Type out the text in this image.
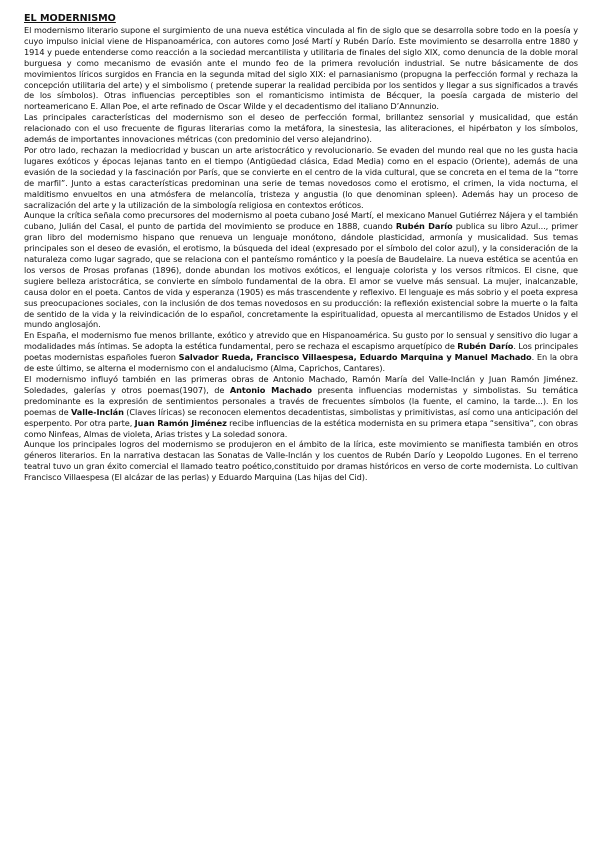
EL MODERNISMO

El modernismo literario supone el surgimiento de una nueva estética vinculada al fin de siglo que se desarrolla sobre todo en la poesía y cuyo impulso inicial viene de Hispanoamérica, con autores como José Martí y Rubén Darío. Este movimiento se desarrolla entre 1880 y 1914 y puede entenderse como reacción a la sociedad mercantilista y utilitaria de finales del siglo XIX, como denuncia de la doble moral burguesa y como mecanismo de evasión ante el mundo feo de la primera revolución industrial. Se nutre básicamente de dos movimientos líricos surgidos en Francia en la segunda mitad del siglo XIX: el parnasianismo (propugna la perfección formal y rechaza la concepción utilitaria del arte) y el simbolismo ( pretende superar la realidad percibida por los sentidos y llegar a sus significados a través de los símbolos). Otras influencias perceptibles son el romanticismo intimista de Bécquer, la poesía cargada de misterio del norteamericano E. Allan Poe, el arte refinado de Oscar Wilde y el decadentismo del italiano D’Annunzio.

Las principales características del modernismo son el deseo de perfección formal, brillantez sensorial y musicalidad, que están relacionado con el uso frecuente de figuras literarias como la metáfora, la sinestesia, las aliteraciones, el hipérbaton y los símbolos, además de importantes innovaciones métricas (con predominio del verso alejandrino).

Por otro lado, rechazan la mediocridad y buscan un arte aristocrático y revolucionario. Se evaden del mundo real que no les gusta hacia lugares exóticos y épocas lejanas tanto en el tiempo (Antigüedad clásica, Edad Media) como en el espacio (Oriente), además de una evasión de la sociedad y la fascinación por París, que se convierte en el centro de la vida cultural, que se concreta en el tema de la “torre de marfil”. Junto a estas características predominan una serie de temas novedosos como el erotismo, el crimen, la vida nocturna, el malditismo envueltos en una atmósfera de melancolía, tristeza y angustia (lo que denominan spleen). Además hay un proceso de sacralización del arte y la utilización de la simbología religiosa en contextos eróticos.

Aunque la crítica señala como precursores del modernismo al poeta cubano José Martí, el mexicano Manuel Gutiérrez Nájera y el también cubano, Julián del Casal, el punto de partida del movimiento se produce en 1888, cuando Rubén Darío publica su libro Azul..., primer gran libro del modernismo hispano que renueva un lenguaje monótono, dándole plasticidad, armonía y musicalidad. Sus temas principales son el deseo de evasión, el erotismo, la búsqueda del ideal (expresado por el símbolo del color azul), y la consideración de la naturaleza como lugar sagrado, que se relaciona con el panteísmo romántico y la poesía de Baudelaire. La nueva estética se acentúa en los versos de Prosas profanas (1896), donde abundan los motivos exóticos, el lenguaje colorista y los versos rítmicos. El cisne, que sugiere belleza aristocrática, se convierte en símbolo fundamental de la obra. El amor se vuelve más sensual. La mujer, inalcanzable, causa dolor en el poeta. Cantos de vida y esperanza (1905) es más trascendente y reflexivo. El lenguaje es más sobrio y el poeta expresa sus preocupaciones sociales, con la inclusión de dos temas novedosos en su producción: la reflexión existencial sobre la muerte o la falta de sentido de la vida y la reivindicación de lo español, concretamente la espiritualidad, opuesta al mercantilismo de Estados Unidos y el mundo anglosajón.

En España, el modernismo fue menos brillante, exótico y atrevido que en Hispanoamérica. Su gusto por lo sensual y sensitivo dio lugar a modalidades más íntimas. Se adopta la estética fundamental, pero se rechaza el escapismo arquetípico de Rubén Darío. Los principales poetas modernistas españoles fueron Salvador Rueda, Francisco Villaespesa, Eduardo Marquina y Manuel Machado. En la obra de este último, se alterna el modernismo con el andalucismo (Alma, Caprichos, Cantares).

El modernismo influyó también en las primeras obras de Antonio Machado, Ramón María del Valle-Inclán y Juan Ramón Jiménez. Soledades, galerías y otros poemas(1907), de Antonio Machado presenta influencias modernistas y simbolistas. Su temática predominante es la expresión de sentimientos personales a través de frecuentes símbolos (la fuente, el camino, la tarde...). En los poemas de Valle-Inclán (Claves líricas) se reconocen elementos decadentistas, simbolistas y primitivistas, así como una anticipación del esperpento. Por otra parte, Juan Ramón Jiménez recibe influencias de la estética modernista en su primera etapa “sensitiva”, con obras como Ninfeas, Almas de violeta, Arias tristes y La soledad sonora.

Aunque los principales logros del modernismo se produjeron en el ámbito de la lírica, este movimiento se manifiesta también en otros géneros literarios. En la narrativa destacan las Sonatas de Valle-Inclán y los cuentos de Rubén Darío y Leopoldo Lugones. En el terreno teatral tuvo un gran éxito comercial el llamado teatro poético,constituido por dramas históricos en verso de corte modernista. Lo cultivan Francisco Villaespesa (El alcázar de las perlas) y Eduardo Marquina (Las hijas del Cid).
